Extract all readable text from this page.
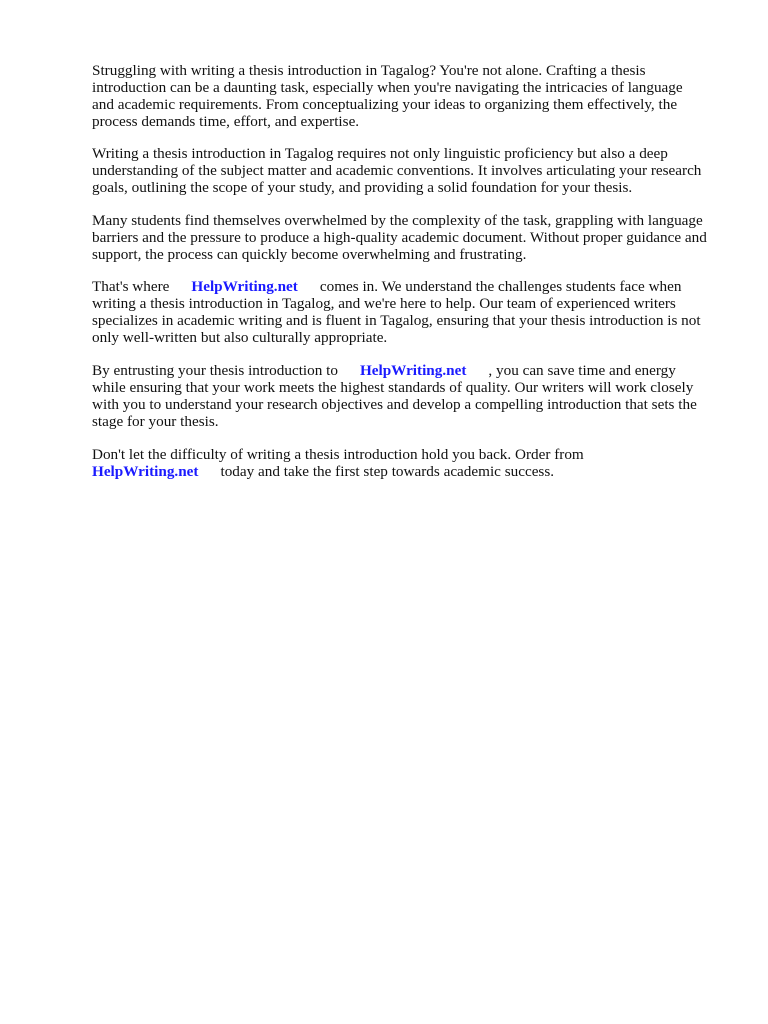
Struggling with writing a thesis introduction in Tagalog? You're not alone. Crafting a thesis
introduction can be a daunting task, especially when you're navigating the intricacies of language
and academic requirements. From conceptualizing your ideas to organizing them effectively, the
process demands time, effort, and expertise.

Writing a thesis introduction in Tagalog requires not only linguistic proficiency but also a deep
understanding of the subject matter and academic conventions. It involves articulating your research
goals, outlining the scope of your study, and providing a solid foundation for your thesis.

Many students find themselves overwhelmed by the complexity of the task, grappling with language
barriers and the pressure to produce a high-quality academic document. Without proper guidance and
support, the process can quickly become overwhelming and frustrating.

That's where HelpWriting.net comes in. We understand the challenges students face when
writing a thesis introduction in Tagalog, and we're here to help. Our team of experienced writers
specializes in academic writing and is fluent in Tagalog, ensuring that your thesis introduction is not
only well-written but also culturally appropriate.

By entrusting your thesis introduction to HelpWriting.net , you can save time and energy
while ensuring that your work meets the highest standards of quality. Our writers will work closely
with you to understand your research objectives and develop a compelling introduction that sets the
stage for your thesis.

Don't let the difficulty of writing a thesis introduction hold you back. Order from
HelpWriting.net today and take the first step towards academic success.
